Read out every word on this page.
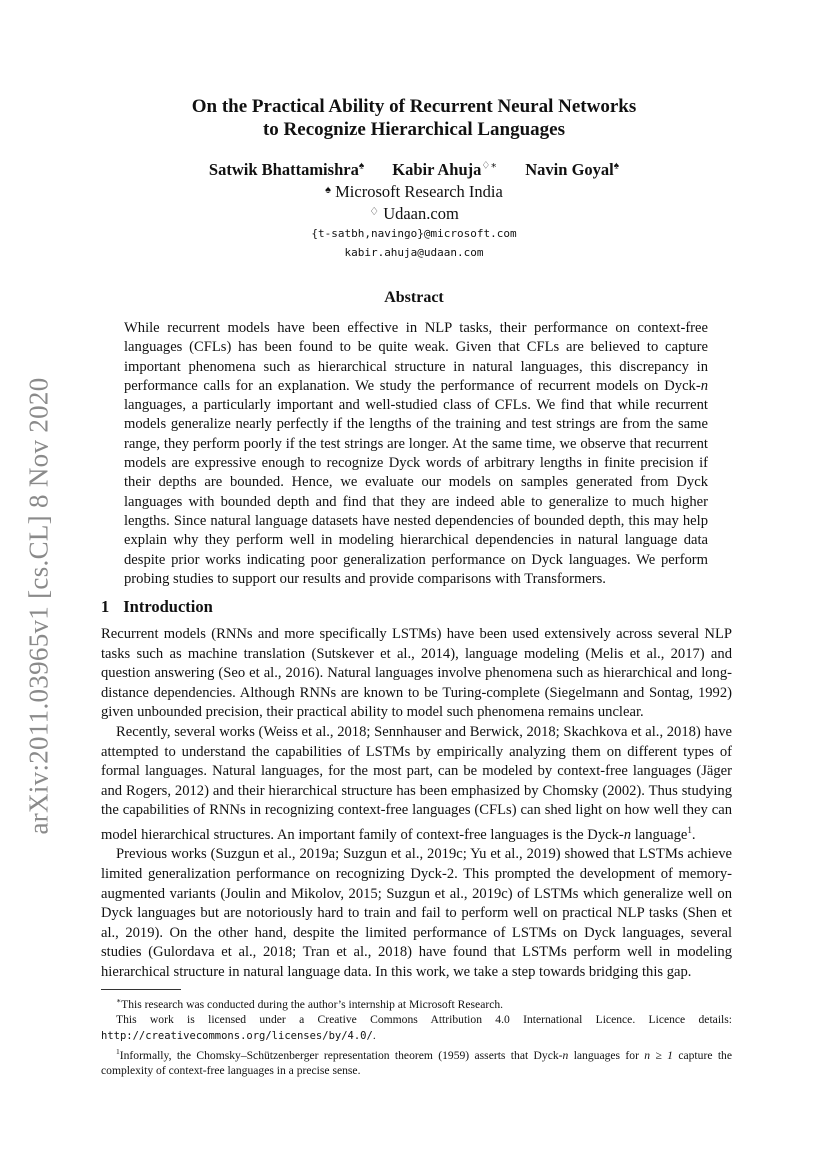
arXiv:2011.03965v1 [cs.CL] 8 Nov 2020
On the Practical Ability of Recurrent Neural Networks
to Recognize Hierarchical Languages
Satwik Bhattamishra♠ Kabir Ahuja♢∗ Navin Goyal♠
♠ Microsoft Research India
♢ Udaan.com
{t-satbh,navingo}@microsoft.com
kabir.ahuja@udaan.com
Abstract
While recurrent models have been effective in NLP tasks, their performance on context-free languages (CFLs) has been found to be quite weak. Given that CFLs are believed to capture important phenomena such as hierarchical structure in natural languages, this discrepancy in performance calls for an explanation. We study the performance of recurrent models on Dyck-n languages, a particularly important and well-studied class of CFLs. We find that while recurrent models generalize nearly perfectly if the lengths of the training and test strings are from the same range, they perform poorly if the test strings are longer. At the same time, we observe that recurrent models are expressive enough to recognize Dyck words of arbitrary lengths in finite precision if their depths are bounded. Hence, we evaluate our models on samples generated from Dyck languages with bounded depth and find that they are indeed able to generalize to much higher lengths. Since natural language datasets have nested dependencies of bounded depth, this may help explain why they perform well in modeling hierarchical dependencies in natural language data despite prior works indicating poor generalization performance on Dyck languages. We perform probing studies to support our results and provide comparisons with Transformers.
1 Introduction

Recurrent models (RNNs and more specifically LSTMs) have been used extensively across several NLP tasks such as machine translation (Sutskever et al., 2014), language modeling (Melis et al., 2017) and question answering (Seo et al., 2016). Natural languages involve phenomena such as hierarchical and long-distance dependencies. Although RNNs are known to be Turing-complete (Siegelmann and Sontag, 1992) given unbounded precision, their practical ability to model such phenomena remains unclear.

Recently, several works (Weiss et al., 2018; Sennhauser and Berwick, 2018; Skachkova et al., 2018) have attempted to understand the capabilities of LSTMs by empirically analyzing them on different types of formal languages. Natural languages, for the most part, can be modeled by context-free languages (Jäger and Rogers, 2012) and their hierarchical structure has been emphasized by Chomsky (2002). Thus studying the capabilities of RNNs in recognizing context-free languages (CFLs) can shed light on how well they can model hierarchical structures. An important family of context-free languages is the Dyck-n language$^1$.

Previous works (Suzgun et al., 2019a; Suzgun et al., 2019c; Yu et al., 2019) showed that LSTMs achieve limited generalization performance on recognizing Dyck-2. This prompted the development of memory-augmented variants (Joulin and Mikolov, 2015; Suzgun et al., 2019c) of LSTMs which generalize well on Dyck languages but are notoriously hard to train and fail to perform well on practical NLP tasks (Shen et al., 2019). On the other hand, despite the limited performance of LSTMs on Dyck languages, several studies (Gulordava et al., 2018; Tran et al., 2018) have found that LSTMs perform well in modeling hierarchical structure in natural language data. In this work, we take a step towards bridging this gap.

∗This research was conducted during the author’s internship at Microsoft Research.

This work is licensed under a Creative Commons Attribution 4.0 International Licence. Licence details: http://creativecommons.org/licenses/by/4.0/.

$^1$Informally, the Chomsky–Schützenberger representation theorem (1959) asserts that Dyck-n languages for n ≥ 1 capture the complexity of context-free languages in a precise sense.
